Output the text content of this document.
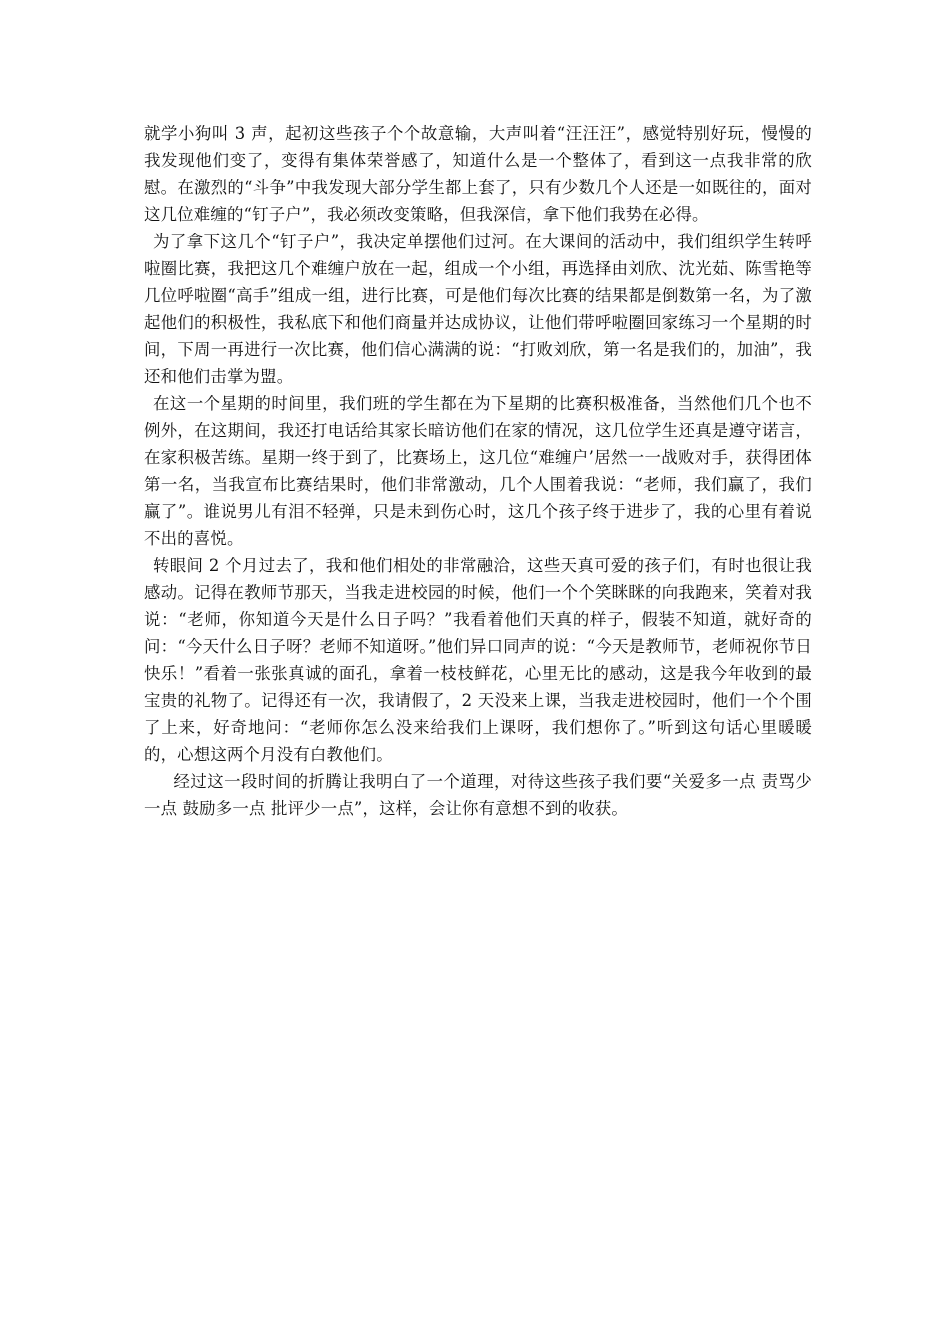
就学小狗叫 3 声，起初这些孩子个个故意输，大声叫着“汪汪汪”，感觉特别好玩，慢慢的我发现他们变了，变得有集体荣誉感了，知道什么是一个整体了，看到这一点我非常的欣慰。在激烈的“斗争”中我发现大部分学生都上套了，只有少数几个人还是一如既往的，面对这几位难缠的“钉子户”，我必须改变策略，但我深信，拿下他们我势在必得。

为了拿下这几个“钉子户”，我决定单摆他们过河。在大课间的活动中，我们组织学生转呼啦圈比赛，我把这几个难缠户放在一起，组成一个小组，再选择由刘欣、沈光茹、陈雪艳等几位呼啦圈“高手”组成一组，进行比赛，可是他们每次比赛的结果都是倒数第一名，为了激起他们的积极性，我私底下和他们商量并达成协议，让他们带呼啦圈回家练习一个星期的时间，下周一再进行一次比赛，他们信心满满的说：“打败刘欣，第一名是我们的，加油”，我还和他们击掌为盟。

在这一个星期的时间里，我们班的学生都在为下星期的比赛积极准备，当然他们几个也不例外，在这期间，我还打电话给其家长暗访他们在家的情况，这几位学生还真是遵守诺言，在家积极苦练。星期一终于到了，比赛场上，这几位“难缠户’居然一一战败对手，获得团体第一名，当我宣布比赛结果时，他们非常激动，几个人围着我说：“老师，我们赢了，我们赢了”。谁说男儿有泪不轻弹，只是未到伤心时，这几个孩子终于进步了，我的心里有着说不出的喜悦。

转眼间 2 个月过去了，我和他们相处的非常融洽，这些天真可爱的孩子们，有时也很让我感动。记得在教师节那天，当我走进校园的时候，他们一个个笑眯眯的向我跑来，笑着对我说：“老师，你知道今天是什么日子吗？”我看着他们天真的样子，假装不知道，就好奇的问：“今天什么日子呀？老师不知道呀。”他们异口同声的说：“今天是教师节，老师祝你节日快乐！”看着一张张真诚的面孔，拿着一枝枝鲜花，心里无比的感动，这是我今年收到的最宝贵的礼物了。记得还有一次，我请假了，2 天没来上课，当我走进校园时，他们一个个围了上来，好奇地问：“老师你怎么没来给我们上课呀，我们想你了。”听到这句话心里暖暖的，心想这两个月没有白教他们。

经过这一段时间的折腾让我明白了一个道理，对待这些孩子我们要“关爱多一点 责骂少一点 鼓励多一点 批评少一点”，这样，会让你有意想不到的收获。
